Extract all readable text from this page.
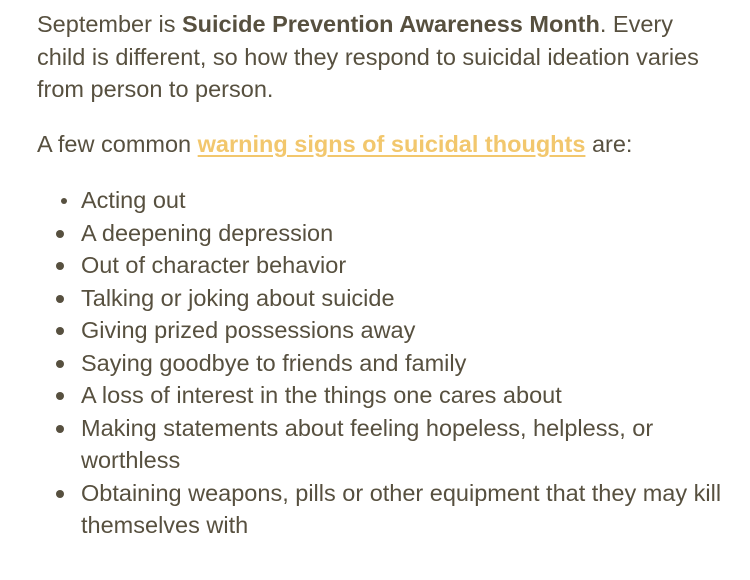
September is Suicide Prevention Awareness Month. Every child is different, so how they respond to suicidal ideation varies from person to person.

A few common warning signs of suicidal thoughts are:

Acting out
A deepening depression
Out of character behavior
Talking or joking about suicide
Giving prized possessions away
Saying goodbye to friends and family
A loss of interest in the things one cares about
Making statements about feeling hopeless, helpless, or worthless
Obtaining weapons, pills or other equipment that they may kill themselves with
